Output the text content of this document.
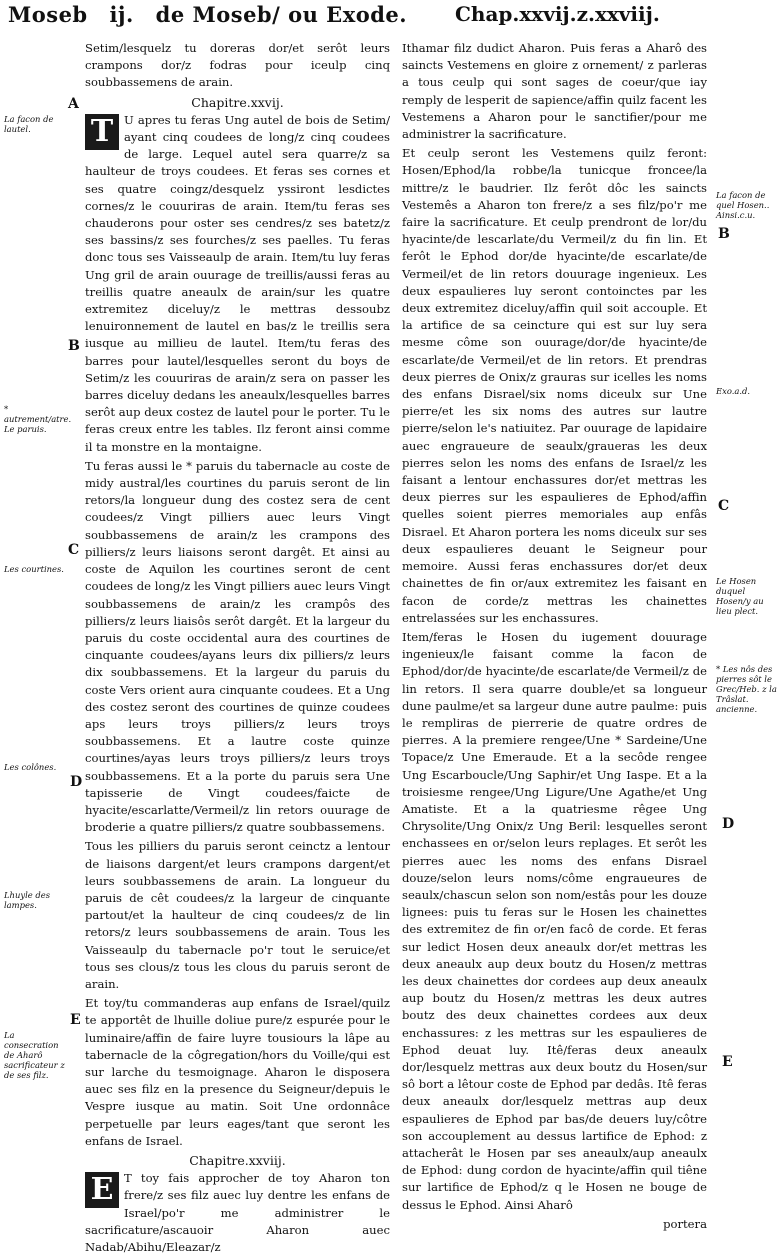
Moseb ij. de Moseb/ ou Exode. Chap.xxvij.z.xxviij.

Setim/lesquelz tu doreras dor/et serôt leurs crampons dor/z fodras pour iceulp cinq soubbassemens de arain.

Chapitre.xxvij.

T U apres tu feras Ung autel de bois de Setim/ ayant cinq coudees de long/z cinq coudees de large. Lequel autel sera quarre/z sa haulteur de troys coudees. Et feras ses cornes et ses quatre coingz/desquelz yssiront lesdictes cornes/z le couuriras de arain. Item/tu feras ses chauderons pour oster ses cendres/z ses batetz/z ses bassins/z ses fourches/z ses paelles. Tu feras donc tous ses Vaisseaulp de arain. Item/tu luy feras Ung gril de arain ouurage de treillis/aussi feras au treillis quatre aneaulx de arain/sur les quatre extremitez diceluy/z le mettras dessoubz lenuironnement de lautel en bas/z le treillis sera iusque au millieu de lautel. Item/tu feras des barres pour lautel/lesquelles seront du boys de Setim/z les couuriras de arain/z sera on passer les barres diceluy dedans les aneaulx/lesquelles barres serôt aup deux costez de lautel pour le porter. Tu le feras creux entre les tables. Ilz feront ainsi comme il ta monstre en la montaigne.

Tu feras aussi le * paruis du tabernacle au coste de midy austral/les courtines du paruis seront de lin retors/la longueur dung des costez sera de cent coudees/z Vingt pilliers auec leurs Vingt soubbassemens de arain/z les crampons des pilliers/z leurs liaisons seront dargêt. Et ainsi au coste de Aquilon les courtines seront de cent coudees de long/z les Vingt pilliers auec leurs Vingt soubbassemens de arain/z les crampôs des pilliers/z leurs liaisôs serôt dargêt. Et la largeur du paruis du coste occidental aura des courtines de cinquante coudees/ayans leurs dix pilliers/z leurs dix soubbassemens. Et la largeur du paruis du coste Vers orient aura cinquante coudees. Et a Ung des costez seront des courtines de quinze coudees aps leurs troys pilliers/z leurs troys soubbassemens. Et a lautre coste quinze courtines/ayas leurs troys pilliers/z leurs troys soubbassemens. Et a la porte du paruis sera Une tapisserie de Vingt coudees/faicte de hyacite/escarlatte/Vermeil/z lin retors ouurage de broderie a quatre pilliers/z quatre soubbassemens.

Tous les pilliers du paruis seront ceinctz a lentour de liaisons dargent/et leurs crampons dargent/et leurs soubbassemens de arain. La longueur du paruis de cêt coudees/z la largeur de cinquante partout/et la haulteur de cinq coudees/z de lin retors/z leurs soubbassemens de arain. Tous les Vaisseaulp du tabernacle po'r tout le seruice/et tous ses clous/z tous les clous du paruis seront de arain.

Et toy/tu commanderas aup enfans de Israel/quilz te apportêt de lhuille doliue pure/z espurée pour le luminaire/affin de faire luyre tousiours la lâpe au tabernacle de la côgregation/hors du Voille/qui est sur larche du tesmoignage. Aharon le disposera auec ses filz en la presence du Seigneur/depuis le Vespre iusque au matin. Soit Une ordonnâce perpetuelle par leurs eages/tant que seront les enfans de Israel.

Chapitre.xxviij.

E T toy fais approcher de toy Aharon ton frere/z ses filz auec luy dentre les enfans de Israel/po'r me administrer le sacrificature/ascauoir Aharon auec Nadab/Abihu/Eleazar/z

Ithamar filz dudict Aharon. Puis feras a Aharô des saincts Vestemens en gloire z ornement/ z parleras a tous ceulp qui sont sages de coeur/que iay remply de lesperit de sapience/affin quilz facent les Vestemens a Aharon pour le sanctifier/pour me administrer la sacrificature.

Et ceulp seront les Vestemens quilz feront: Hosen/Ephod/la robbe/la tunicque froncee/la mittre/z le baudrier. Ilz ferôt dôc les saincts Vestemês a Aharon ton frere/z a ses filz/po'r me faire la sacrificature. Et ceulp prendront de lor/du hyacinte/de lescarlate/du Vermeil/z du fin lin. Et ferôt le Ephod dor/de hyacinte/de escarlate/de Vermeil/et de lin retors douurage ingenieux. Les deux espaulieres luy seront contoinctes par les deux extremitez diceluy/affin quil soit accouple. Et la artifice de sa ceincture qui est sur luy sera mesme côme son ouurage/dor/de hyacinte/de escarlate/de Vermeil/et de lin retors. Et prendras deux pierres de Onix/z grauras sur icelles les noms des enfans Disrael/six noms diceulx sur Une pierre/et les six noms des autres sur lautre pierre/selon le's natiuitez. Par ouurage de lapidaire auec engraueure de seaulx/graueras les deux pierres selon les noms des enfans de Israel/z les faisant a lentour enchassures dor/et mettras les deux pierres sur les espaulieres de Ephod/affin quelles soient pierres memoriales aup enfâs Disrael. Et Aharon portera les noms diceulx sur ses deux espaulieres deuant le Seigneur pour memoire. Aussi feras enchassures dor/et deux chainettes de fin or/aux extremitez les faisant en facon de corde/z mettras les chainettes entrelassées sur les enchassures.

Item/feras le Hosen du iugement douurage ingenieux/le faisant comme la facon de Ephod/dor/de hyacinte/de escarlate/de Vermeil/z de lin retors. Il sera quarre double/et sa longueur dune paulme/et sa largeur dune autre paulme: puis le rempliras de pierrerie de quatre ordres de pierres. A la premiere rengee/Une * Sardeine/Une Topace/z Une Emeraude. Et a la secôde rengee Ung Escarboucle/Ung Saphir/et Ung Iaspe. Et a la troisiesme rengee/Ung Ligure/Une Agathe/et Ung Amatiste. Et a la quatriesme rêgee Ung Chrysolite/Ung Onix/z Ung Beril: lesquelles seront enchassees en or/selon leurs replages. Et serôt les pierres auec les noms des enfans Disrael douze/selon leurs noms/côme engraueures de seaulx/chascun selon son nom/estâs pour les douze lignees: puis tu feras sur le Hosen les chainettes des extremitez de fin or/en facô de corde. Et feras sur ledict Hosen deux aneaulx dor/et mettras les deux aneaulx aup deux boutz du Hosen/z mettras les deux chainettes dor cordees aup deux aneaulx aup boutz du Hosen/z mettras les deux autres boutz des deux chainettes cordees aux deux enchassures: z les mettras sur les espaulieres de Ephod deuat luy. Itê/feras deux aneaulx dor/lesquelz mettras aux deux boutz du Hosen/sur sô bort a lêtour coste de Ephod par dedâs. Itê feras deux aneaulx dor/lesquelz mettras aup deux espaulieres de Ephod par bas/de deuers luy/côtre son accouplement au dessus lartifice de Ephod: z attacherât le Hosen par ses aneaulx/aup aneaulx de Ephod: dung cordon de hyacinte/affin quil tiêne sur lartifice de Ephod/z q le Hosen ne bouge de dessus le Ephod. Ainsi Aharô

portera

A
La facon de lautel.
B
* autrement/atre. Le paruis.
C
Les courtines.
Les colônes.
D
Lhuyle des lampes.
E
La consecration de Aharô sacrificateur z de ses filz.
La facon de quel Hosen.. Ainsi.c.u.
B
Exo.a.d.
C
Le Hosen duquel Hosen/y au lieu plect.
* Les nôs des pierres sôt le Grec/Heb. z la Trâslat. ancienne.
D
E
